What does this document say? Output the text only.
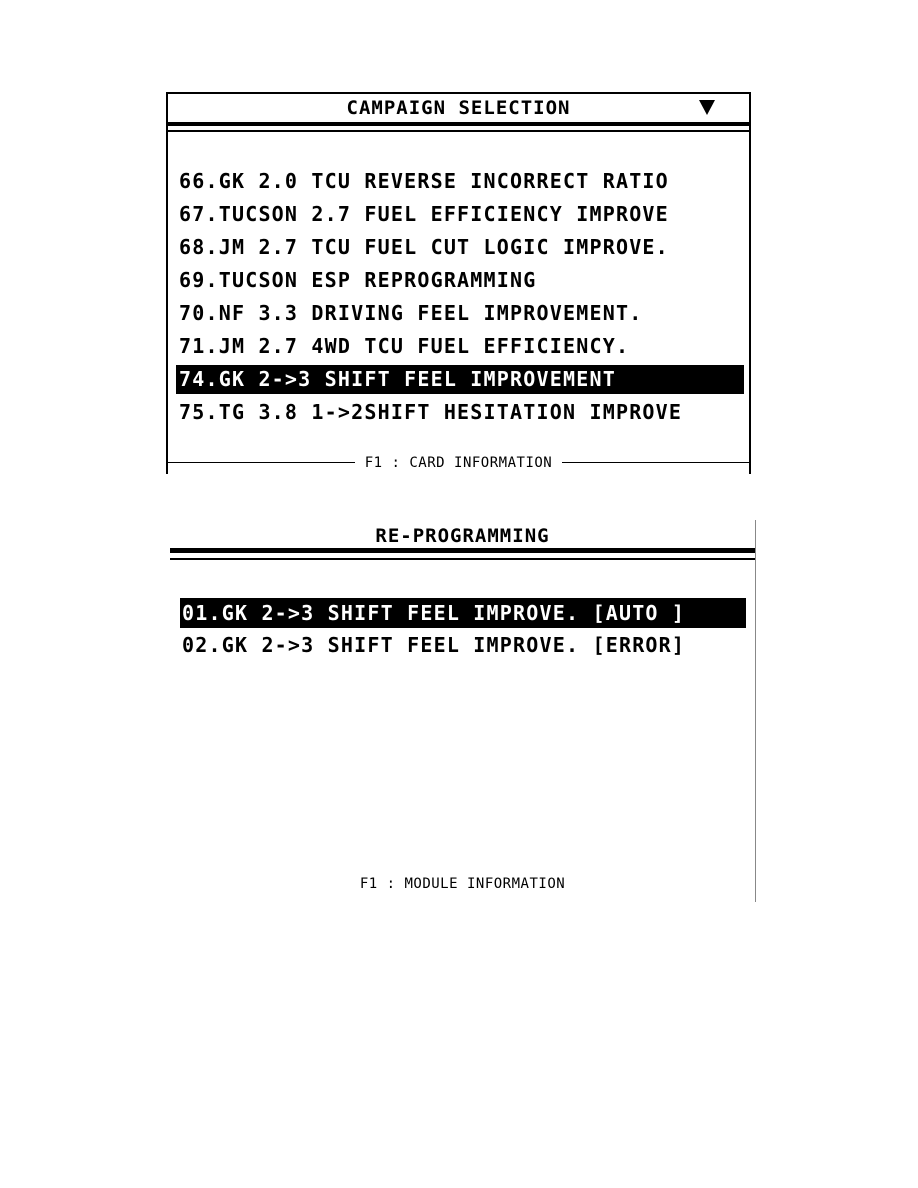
CAMPAIGN SELECTION
66.GK 2.0 TCU REVERSE INCORRECT RATIO
67.TUCSON 2.7 FUEL EFFICIENCY IMPROVE
68.JM 2.7 TCU FUEL CUT LOGIC IMPROVE.
69.TUCSON ESP REPROGRAMMING
70.NF 3.3 DRIVING FEEL IMPROVEMENT.
71.JM 2.7 4WD TCU FUEL EFFICIENCY.
74.GK 2->3 SHIFT FEEL IMPROVEMENT
75.TG 3.8 1->2SHIFT HESITATION IMPROVE
F1 : CARD INFORMATION
RE-PROGRAMMING
01.GK 2->3 SHIFT FEEL IMPROVE. [AUTO ]
02.GK 2->3 SHIFT FEEL IMPROVE. [ERROR]
F1 : MODULE INFORMATION
